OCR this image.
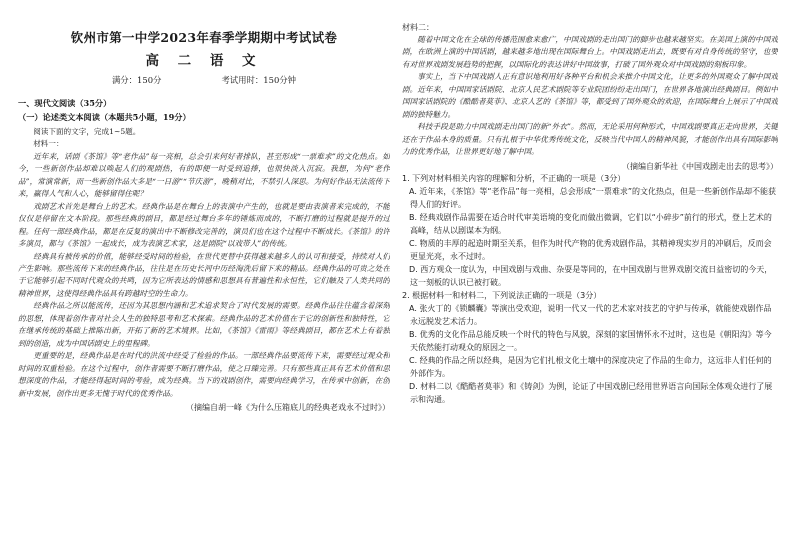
钦州市第一中学2023年春季学期期中考试试卷
高 二 语 文
满分：150分	考试用时：150分钟
一、现代文阅读（35分）
（一）论述类文本阅读（本题共5小题，19分）

阅读下面的文字，完成1~5题。

材料一：

近年来，话剧《茶馆》等“老作品”每一亮相，总会引来何好者排队，甚至形成“一票难求”的文化热点。如今，一些新创作品却难以唤起人们的观剧热，有的即便一时受到追捧，也很快淡入沉寂。我想，为何“老作品”，常演常新，而一些新创作品大多是“一日游”“节庆游”，晚稍对比，不禁引人深思。为何好作品无法流传下来，赢得人气和人心，能够留得住呢？

戏剧艺术首先是舞台上的艺术。经典作品是在舞台上的表演中产生的，也就是要由表演者来完成的，不能仅仅是停留在文本阶段。那些经典的剧目，都是经过舞台多年的锤炼而成的，不断打磨的过程就是提升的过程。任何一部经典作品，都是在反复的演出中不断修改完善的，演员们也在这个过程中不断成长。《茶馆》的许多演员，都与《茶馆》一起成长，成为表演艺术家，这是剧院“以戏带人”的传统。

经典具有被传承的价值，能够经受时间的检验，在世代更替中获得越来越多人的认可和接受，持续对人们产生影响。那些流传下来的经典作品，往往是在历史长河中历经淘洗后留下来的精品。经典作品的可贵之处在于它能够引起不同时代观众的共鸣，因为它所表达的情感和思想具有普遍性和永恒性，它们触及了人类共同的精神世界，这使得经典作品具有跨越时空的生命力。

经典作品之所以能流传，还因为其思想内涵和艺术追求契合了时代发展的需要。经典作品往往蕴含着深刻的思想，体现着创作者对社会人生的独特思考和艺术探索。经典作品的艺术价值在于它的创新性和独特性，它在继承传统的基础上推陈出新，开拓了新的艺术境界。比如，《茶馆》《雷雨》等经典剧目，都在艺术上有着独到的创造，成为中国话剧史上的里程碑。

更重要的是，经典作品是在时代的洪流中经受了检验的作品。一部经典作品要流传下来，需要经过观众和时间的双重检验。在这个过程中，创作者需要不断打磨作品，使之日臻完善。只有那些真正具有艺术价值和思想深度的作品，才能经得起时间的考验，成为经典。当下的戏剧创作，需要向经典学习，在传承中创新，在创新中发展，创作出更多无愧于时代的优秀作品。

（摘编自胡一峰《为什么压箱底儿的经典老戏永不过时》）
材料二：

随着中国文化在全球的传播范围愈来愈广，中国戏剧的走出国门的脚步也越来越坚实。在美国上演的中国戏剧，在欧洲上演的中国话剧，越来越多地出现在国际舞台上。中国戏剧走出去，既要有对自身传统的坚守，也要有对世界戏剧发展趋势的把握，以国际化的表达讲好中国故事，打破了国外观众对中国戏剧的刻板印象。

事实上，当下中国戏剧人正有意识地利用好各种平台和机会来推介中国文化，让更多的外国观众了解中国戏剧。近年来，中国国家话剧院、北京人民艺术剧院等专业院团纷纷走出国门，在世界各地演出经典剧目。例如中国国家话剧院的《酷酷者莫菲》、北京人艺的《茶馆》等，都受到了国外观众的欢迎，在国际舞台上展示了中国戏剧的独特魅力。

科技手段是助力中国戏剧走出国门的新“外衣”。然而，无论采用何种形式，中国戏剧要真正走向世界，关键还在于作品本身的质量。只有扎根于中华优秀传统文化，反映当代中国人的精神风貌，才能创作出具有国际影响力的优秀作品，让世界更好地了解中国。

（摘编自新华社《中国戏剧走出去的思考》）
1. 下列对材料相关内容的理解和分析，不正确的一项是（3分）
A. 近年来，《茶馆》等“老作品”每一亮相，总会形成“一票难求”的文化热点，但是一些新创作品却不能获得人们的好评。
B. 经典戏剧作品需要在适合时代审美语境的变化而做出微调，它们以“小碎步”前行的形式，登上艺术的高峰，结从以剧谋本为纲。
C. 物质的丰厚的起造时期至关系，但作为时代产物的优秀戏剧作品，其精神现实岁月的冲刷后，反而会更显光亮，永不过时。
D. 西方观众一度认为，中国戏剧与戏曲、杂耍是等同的，在中国戏剧与世界戏剧交流日益密切的今天，这一刻板的认识已被打破。
2. 根据材料一和材料二，下列说法正确的一项是（3分）
A. 张火丁的《锁麟囊》等演出受欢迎，说明一代又一代的艺术家对技艺的守护与传承，就能使戏剧作品永远脱发艺术活力。
B. 优秀的文化作品总能反映一个时代的特色与风貌，深刻的家国情怀永不过时，这也是《朝阳沟》等今天依然能打动观众的原因之一。
C. 经典的作品之所以经典，是因为它们扎根文化土壤中的深度决定了作品的生命力，这远非人们任何的外部作为。
D. 材料二以《酷酷者莫菲》和《铸剑》为例，论证了中国戏剧已经用世界语言向国际全体观众进行了展示和沟通。
